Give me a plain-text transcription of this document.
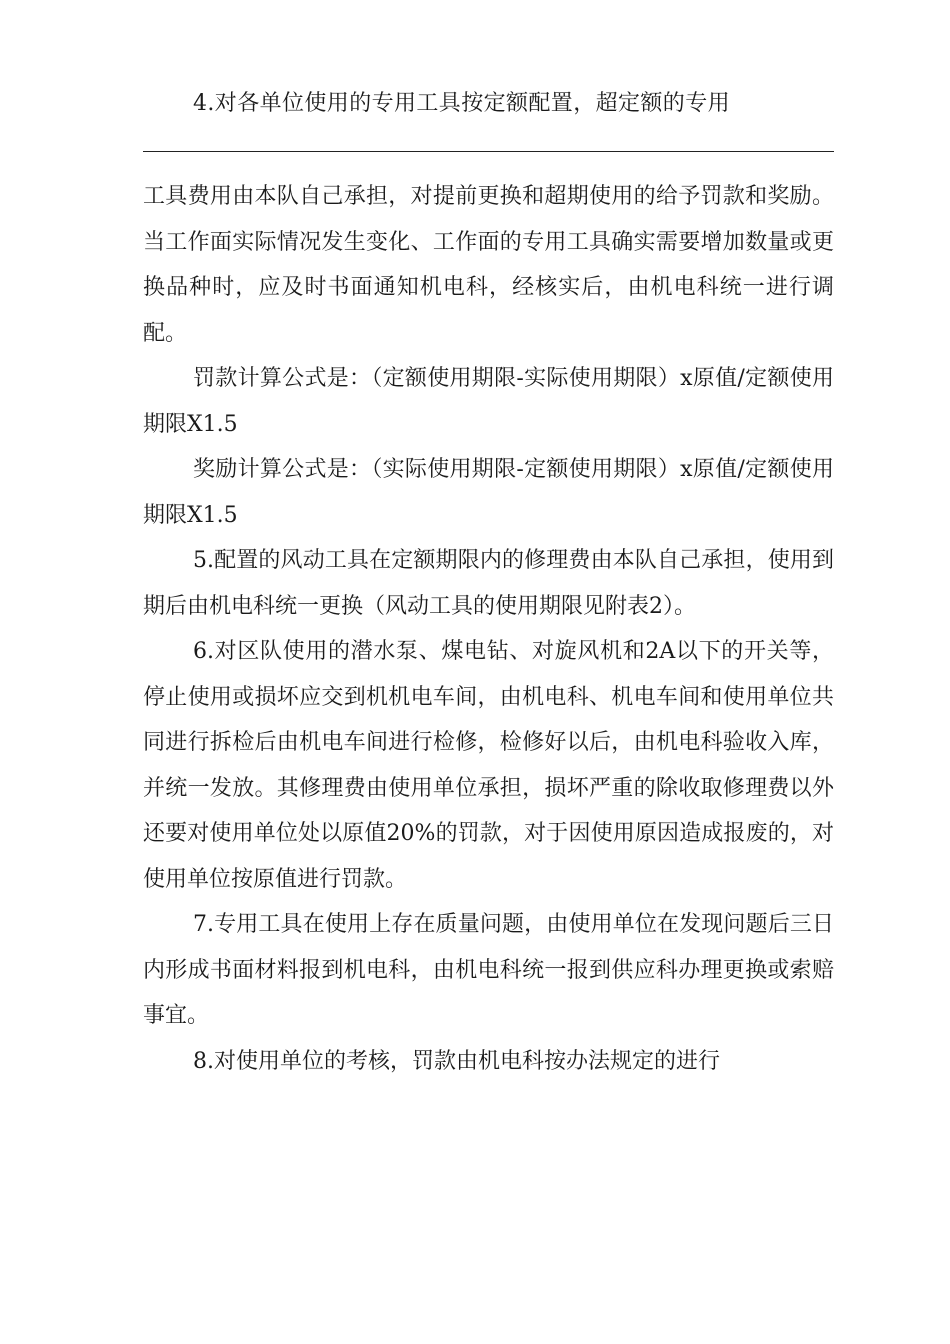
4.对各单位使用的专用工具按定额配置，超定额的专用

工具费用由本队自己承担，对提前更换和超期使用的给予罚款和奖励。当工作面实际情况发生变化、工作面的专用工具确实需要增加数量或更换品种时，应及时书面通知机电科，经核实后，由机电科统一进行调配。

罚款计算公式是：（定额使用期限-实际使用期限）x原值/定额使用期限X1.5

奖励计算公式是：（实际使用期限-定额使用期限）x原值/定额使用期限X1.5

5.配置的风动工具在定额期限内的修理费由本队自己承担，使用到期后由机电科统一更换（风动工具的使用期限见附表2）。

6.对区队使用的潜水泵、煤电钻、对旋风机和2A以下的开关等，停止使用或损坏应交到机机电车间，由机电科、机电车间和使用单位共同进行拆检后由机电车间进行检修，检修好以后，由机电科验收入库，并统一发放。其修理费由使用单位承担，损坏严重的除收取修理费以外还要对使用单位处以原值20%的罚款，对于因使用原因造成报废的，对使用单位按原值进行罚款。

7.专用工具在使用上存在质量问题，由使用单位在发现问题后三日内形成书面材料报到机电科，由机电科统一报到供应科办理更换或索赔事宜。

8.对使用单位的考核，罚款由机电科按办法规定的进行
